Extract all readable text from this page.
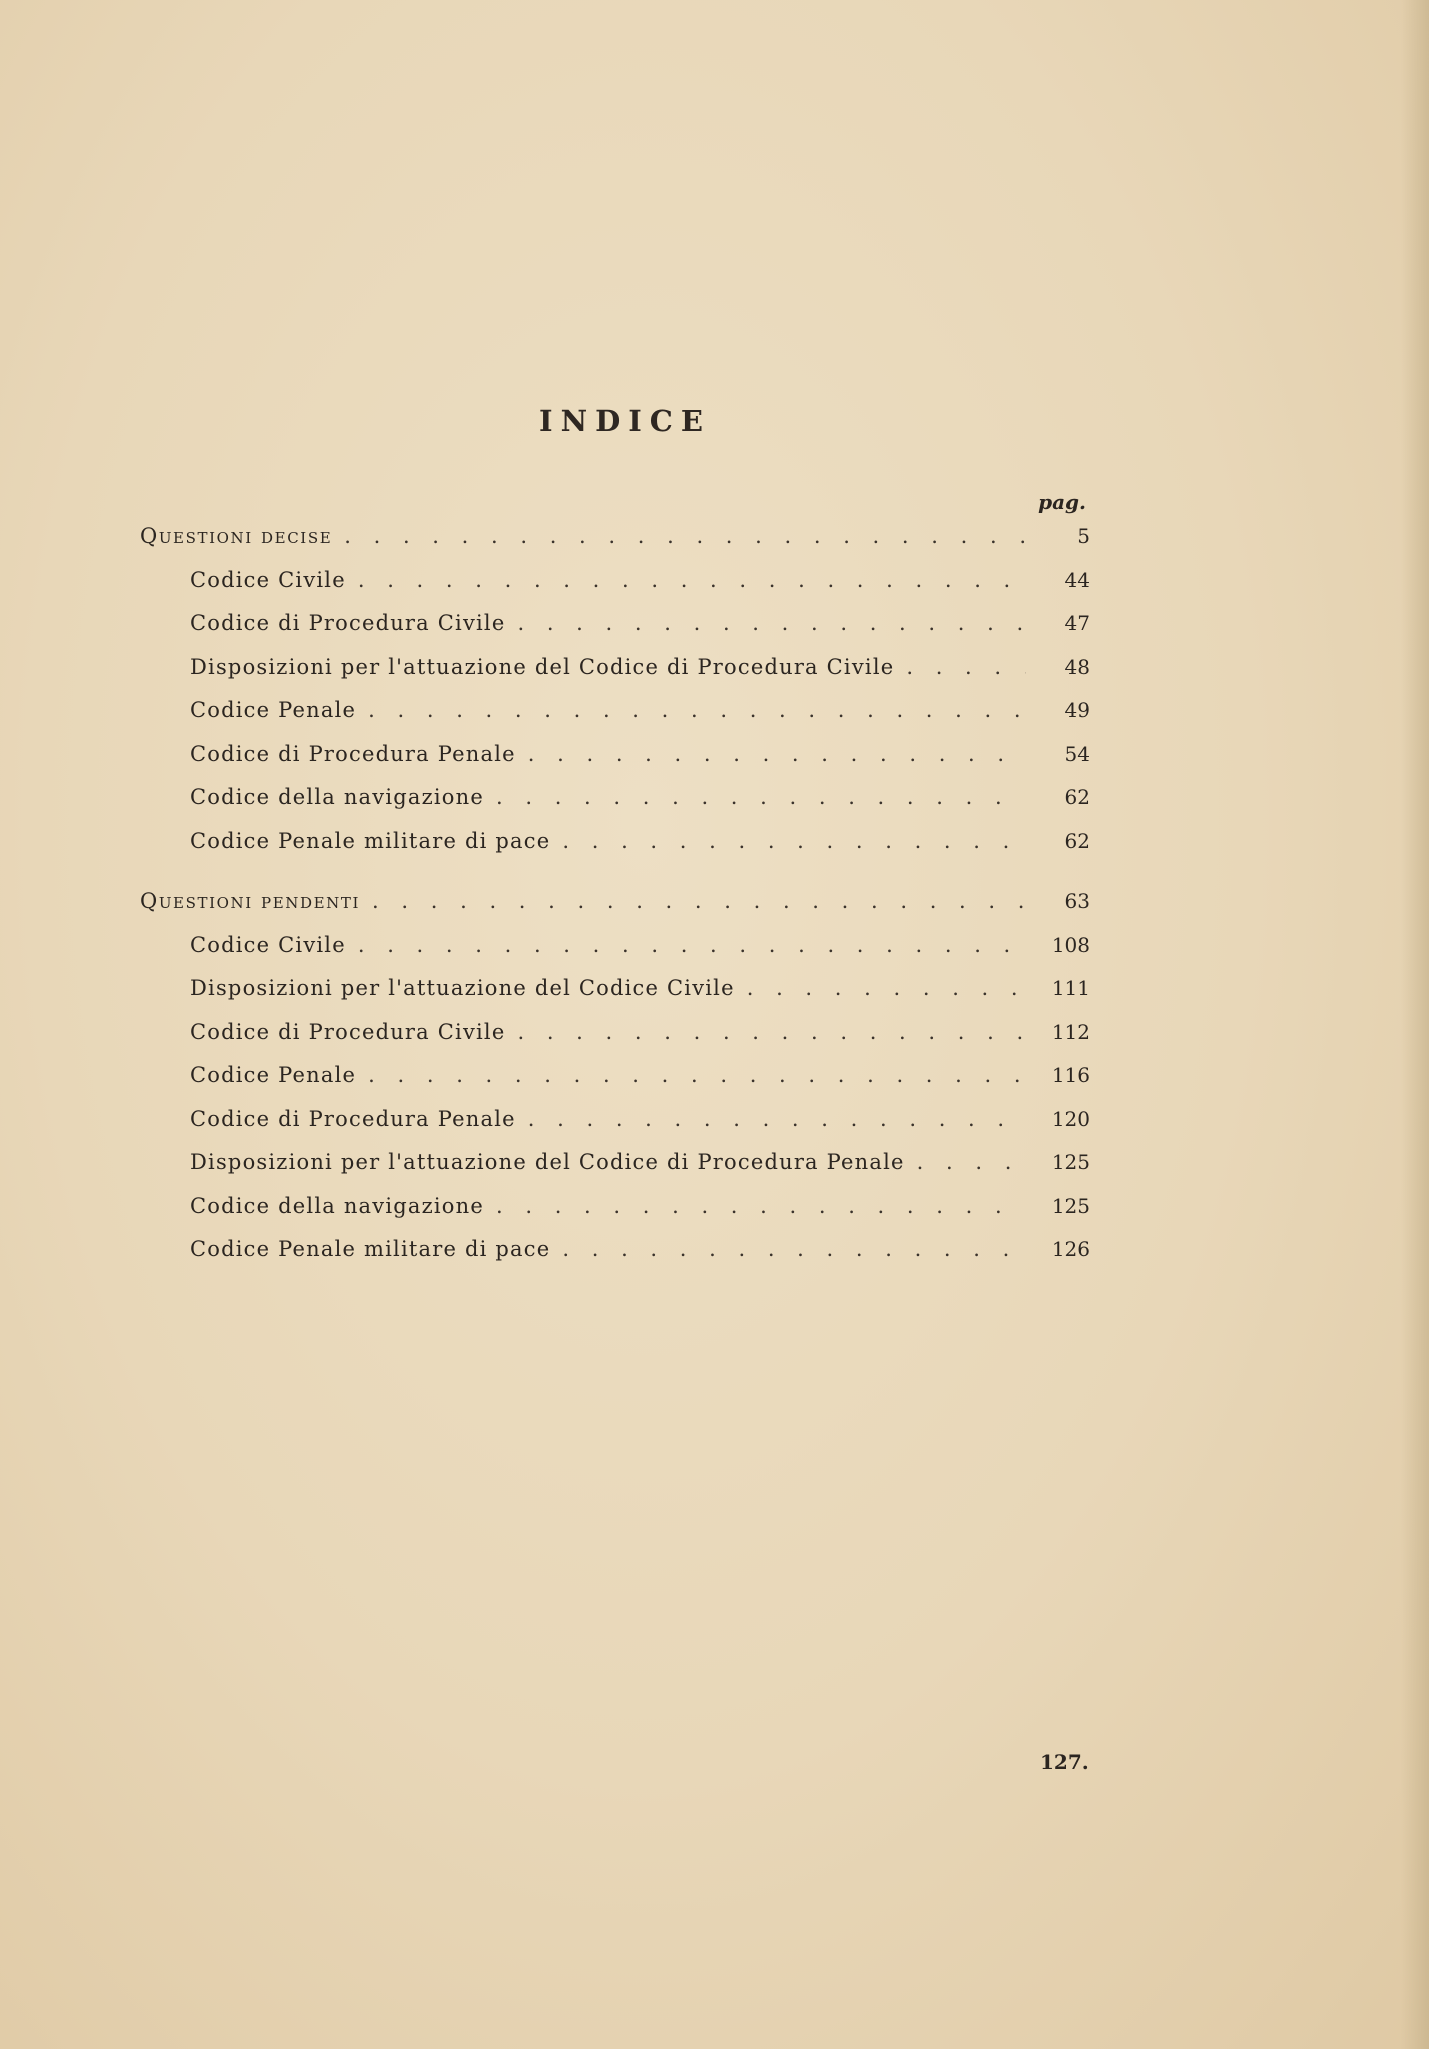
INDICE
pag.
Questioni decise . . .	5
Codice Civile . . .	44
Codice di Procedura Civile . . .	47
Disposizioni per l'attuazione del Codice di Procedura Civile . . .	48
Codice Penale . . .	49
Codice di Procedura Penale . . .	54
Codice della navigazione . . .	62
Codice Penale militare di pace . . .	62
Questioni pendenti . . .	63
Codice Civile . . .	108
Disposizioni per l'attuazione del Codice Civile . . .	111
Codice di Procedura Civile . . .	112
Codice Penale . . .	116
Codice di Procedura Penale . . .	120
Disposizioni per l'attuazione del Codice di Procedura Penale . . .	125
Codice della navigazione . . .	125
Codice Penale militare di pace . . .	126
127.
